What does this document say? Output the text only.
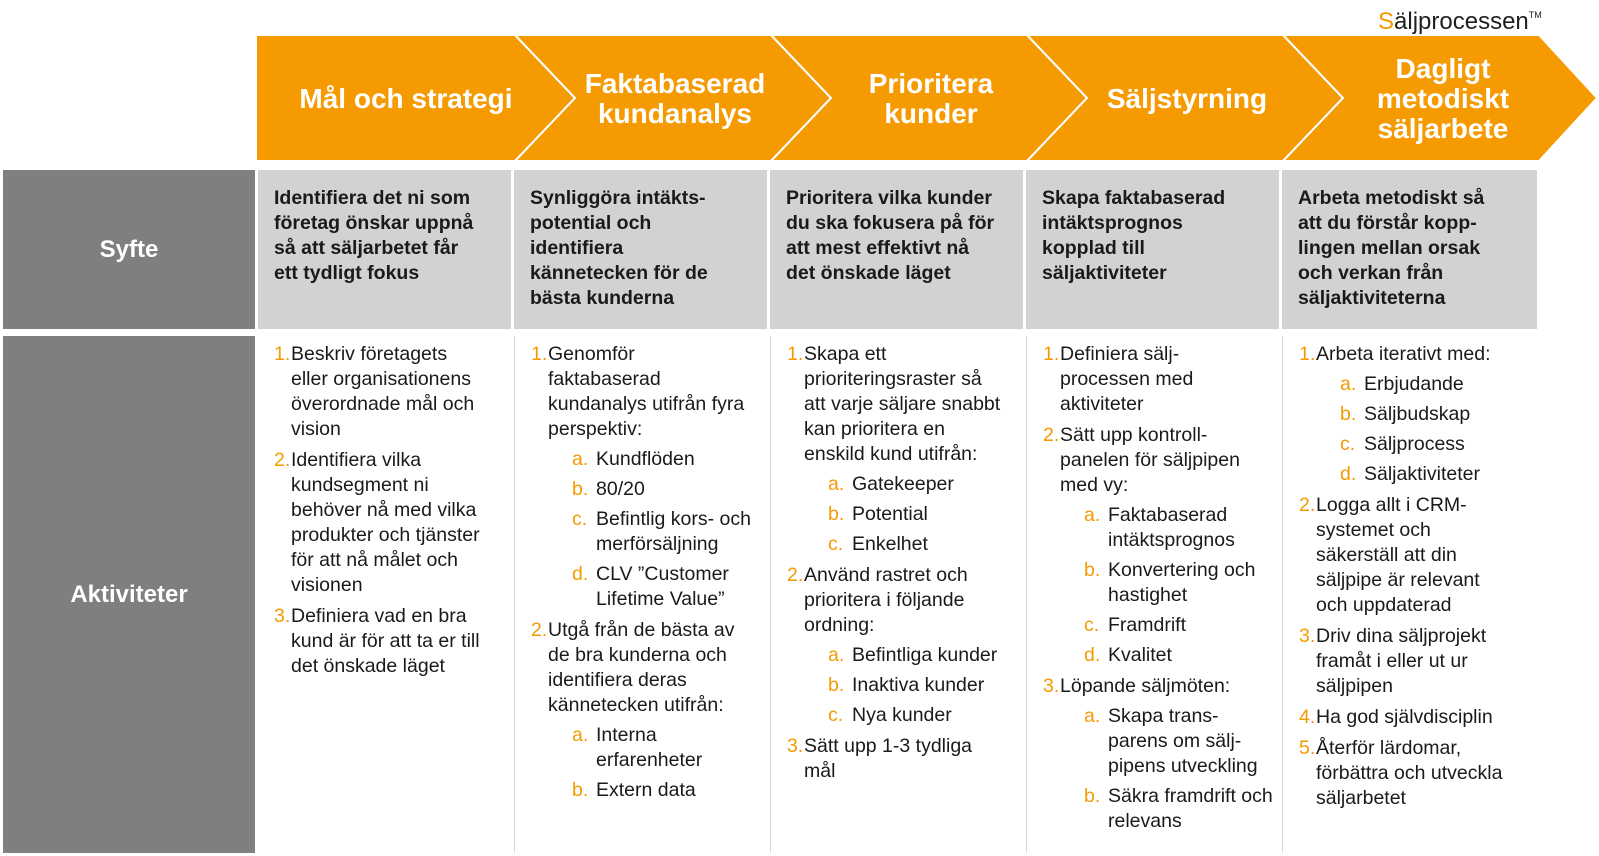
Säljprocessen™
Mål och strategi	Faktabaserad
kundanalys
Prioritera
kunder	Säljstyrning
Dagligt
metodiskt
säljarbete
Syfte
Aktiviteter
Identifiera det ni som
företag önskar uppnå
så att säljarbetet får
ett tydligt fokus
Synliggöra intäkts-
potential och
identifiera
kännetecken för de
bästa kunderna
Prioritera vilka kunder
du ska fokusera på för
att mest effektivt nå
det önskade läget
Skapa faktabaserad
intäktsprognos
kopplad till
säljaktiviteter
Arbeta metodiskt så
att du förstår kopp-
lingen mellan orsak
och verkan från
säljaktiviteterna
1. Beskriv företagets
eller organisationens
överordnade mål och
vision
2. Identifiera vilka
kundsegment ni
behöver nå med vilka
produkter och tjänster
för att nå målet och
visionen
3. Definiera vad en bra
kund är för att ta er till
det önskade läget
1. Genomför
faktabaserad
kundanalys utifrån fyra
perspektiv:
a. Kundflöden
b. 80/20
c. Befintlig kors- och
merförsäljning
d. CLV ”Customer
Lifetime Value”
2. Utgå från de bästa av
de bra kunderna och
identifiera deras
kännetecken utifrån:
a. Interna
erfarenheter
b. Extern data
1. Skapa ett
prioriteringsraster så
att varje säljare snabbt
kan prioritera en
enskild kund utifrån:
a. Gatekeeper
b. Potential
c. Enkelhet
2. Använd rastret och
prioritera i följande
ordning:
a. Befintliga kunder
b. Inaktiva kunder
c. Nya kunder
3. Sätt upp 1-3 tydliga
mål
1. Definiera sälj-
processen med
aktiviteter
2. Sätt upp kontroll-
panelen för säljpipen
med vy:
a. Faktabaserad
intäktsprognos
b. Konvertering och
hastighet
c. Framdrift
d. Kvalitet
3. Löpande säljmöten:
a. Skapa trans-
parens om sälj-
pipens utveckling
b. Säkra framdrift och
relevans
1. Arbeta iterativt med:
a. Erbjudande
b. Säljbudskap
c. Säljprocess
d. Säljaktiviteter
2. Logga allt i CRM-
systemet och
säkerställ att din
säljpipe är relevant
och uppdaterad
3. Driv dina säljprojekt
framåt i eller ut ur
säljpipen
4. Ha god självdisciplin
5. Återför lärdomar,
förbättra och utveckla
säljarbetet
